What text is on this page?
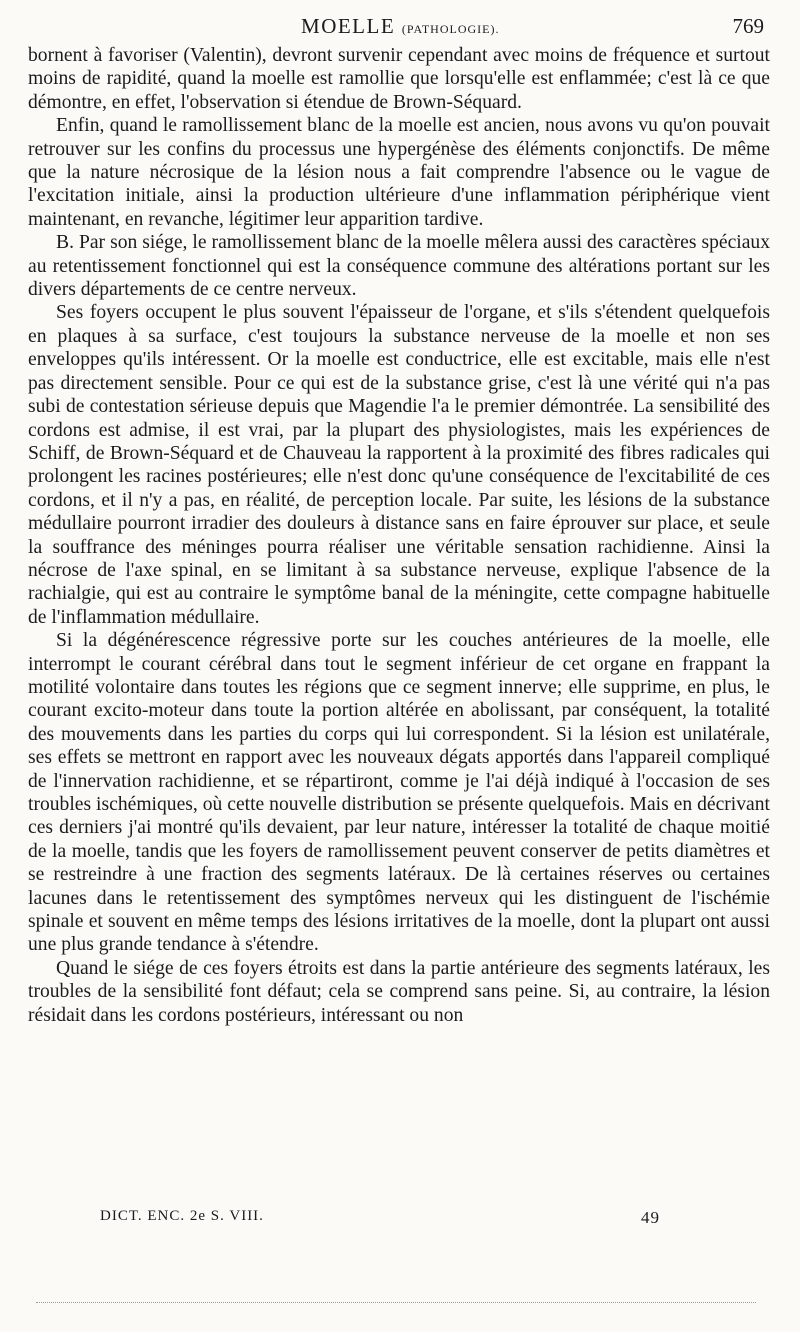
MOELLE (PATHOLOGIE).	769

bornent à favoriser (Valentin), devront survenir cependant avec moins de fréquence et surtout moins de rapidité, quand la moelle est ramollie que lorsqu'elle est enflammée; c'est là ce que démontre, en effet, l'observation si étendue de Brown-Séquard.

Enfin, quand le ramollissement blanc de la moelle est ancien, nous avons vu qu'on pouvait retrouver sur les confins du processus une hypergénèse des éléments conjonctifs. De même que la nature nécrosique de la lésion nous a fait comprendre l'absence ou le vague de l'excitation initiale, ainsi la production ultérieure d'une inflammation périphérique vient maintenant, en revanche, légitimer leur apparition tardive.

B. Par son siége, le ramollissement blanc de la moelle mêlera aussi des caractères spéciaux au retentissement fonctionnel qui est la conséquence commune des altérations portant sur les divers départements de ce centre nerveux.

Ses foyers occupent le plus souvent l'épaisseur de l'organe, et s'ils s'étendent quelquefois en plaques à sa surface, c'est toujours la substance nerveuse de la moelle et non ses enveloppes qu'ils intéressent. Or la moelle est conductrice, elle est excitable, mais elle n'est pas directement sensible. Pour ce qui est de la substance grise, c'est là une vérité qui n'a pas subi de contestation sérieuse depuis que Magendie l'a le premier démontrée. La sensibilité des cordons est admise, il est vrai, par la plupart des physiologistes, mais les expériences de Schiff, de Brown-Séquard et de Chauveau la rapportent à la proximité des fibres radicales qui prolongent les racines postérieures; elle n'est donc qu'une conséquence de l'excitabilité de ces cordons, et il n'y a pas, en réalité, de perception locale. Par suite, les lésions de la substance médullaire pourront irradier des douleurs à distance sans en faire éprouver sur place, et seule la souffrance des méninges pourra réaliser une véritable sensation rachidienne. Ainsi la nécrose de l'axe spinal, en se limitant à sa substance nerveuse, explique l'absence de la rachialgie, qui est au contraire le symptôme banal de la méningite, cette compagne habituelle de l'inflammation médullaire.

Si la dégénérescence régressive porte sur les couches antérieures de la moelle, elle interrompt le courant cérébral dans tout le segment inférieur de cet organe en frappant la motilité volontaire dans toutes les régions que ce segment innerve; elle supprime, en plus, le courant excito-moteur dans toute la portion altérée en abolissant, par conséquent, la totalité des mouvements dans les parties du corps qui lui correspondent. Si la lésion est unilatérale, ses effets se mettront en rapport avec les nouveaux dégats apportés dans l'appareil compliqué de l'innervation rachidienne, et se répartiront, comme je l'ai déjà indiqué à l'occasion de ses troubles ischémiques, où cette nouvelle distribution se présente quelquefois. Mais en décrivant ces derniers j'ai montré qu'ils devaient, par leur nature, intéresser la totalité de chaque moitié de la moelle, tandis que les foyers de ramollissement peuvent conserver de petits diamètres et se restreindre à une fraction des segments latéraux. De là certaines réserves ou certaines lacunes dans le retentissement des symptômes nerveux qui les distinguent de l'ischémie spinale et souvent en même temps des lésions irritatives de la moelle, dont la plupart ont aussi une plus grande tendance à s'étendre.

Quand le siége de ces foyers étroits est dans la partie antérieure des segments latéraux, les troubles de la sensibilité font défaut; cela se comprend sans peine. Si, au contraire, la lésion résidait dans les cordons postérieurs, intéressant ou non

DICT. ENC. 2e S. VIII.	49
